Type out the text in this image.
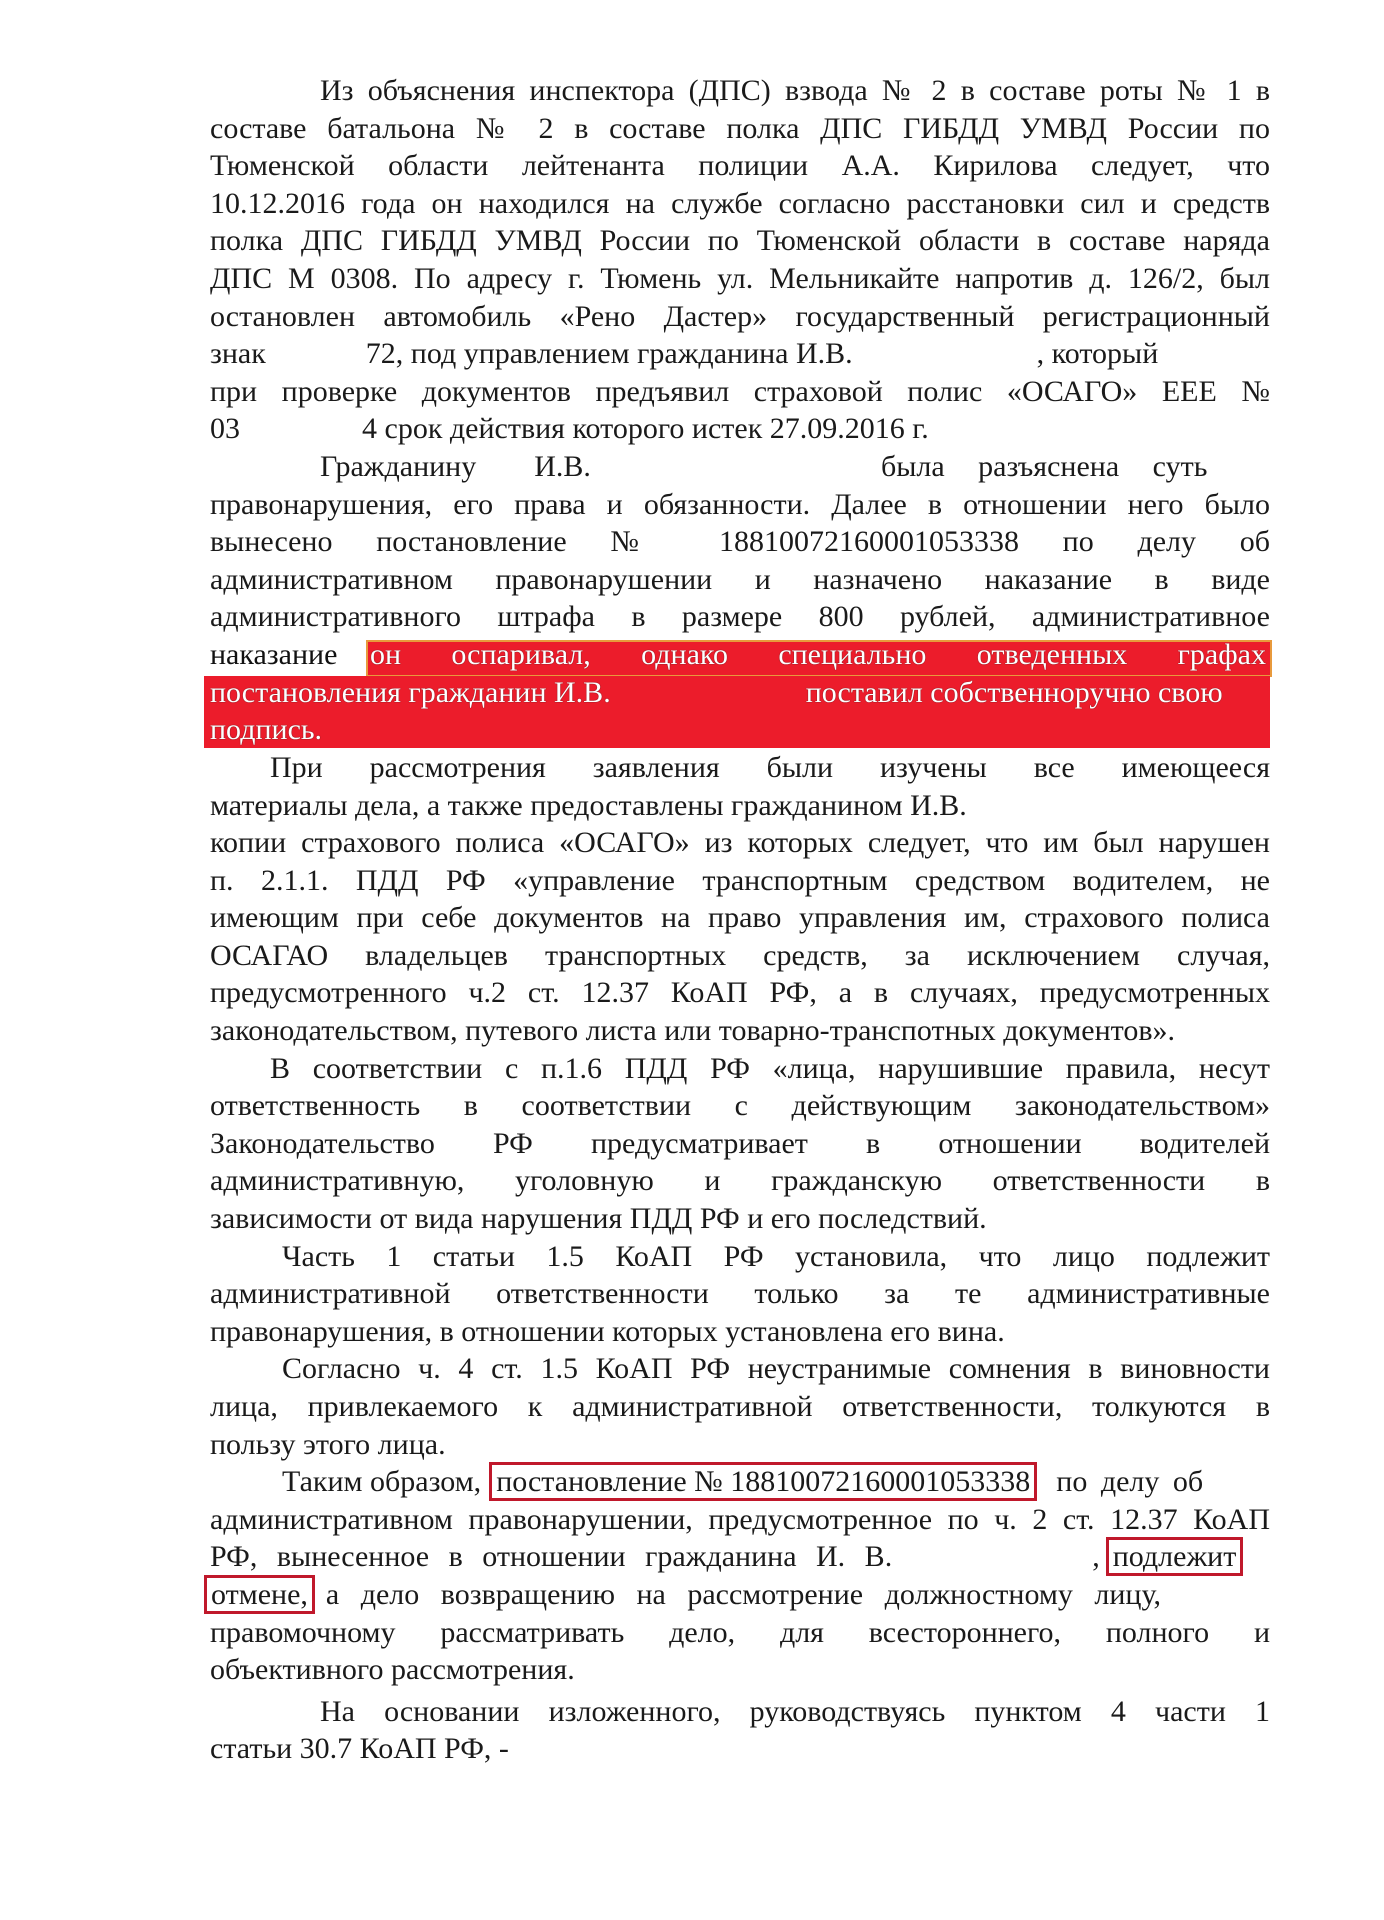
Из объяснения инспектора (ДПС) взвода № 2 в составе роты № 1 в
составе батальона № 2 в составе полка ДПС ГИБДД УМВД России по
Тюменской области лейтенанта полиции А.А. Кирилова следует, что
10.12.2016 года он находился на службе согласно расстановки сил и средств
полка ДПС ГИБДД УМВД России по Тюменской области в составе наряда
ДПС М 0308. По адресу г. Тюмень ул. Мельникайте напротив д. 126/2, был
остановлен автомобиль «Рено Дастер» государственный регистрационный
знак	72, под управлением гражданина И.В.	, который
при проверке документов предъявил страховой полис «ОСАГО» ЕЕЕ №
03	4 срок действия которого истек 27.09.2016 г.
Гражданину И.В.	была разъяснена суть
правонарушения, его права и обязанности. Далее в отношении него было
вынесено постановление № 18810072160001053338 по делу об
административном правонарушении и назначено наказание в виде
административного штрафа в размере 800 рублей, административное
наказание	он оспаривал, однако специально отведенных графах
постановления гражданин И.В.	поставил собственноручно свою
подпись.
При рассмотрения заявления были изучены все имеющееся
материалы дела, а также предоставлены гражданином И.В.
копии страхового полиса «ОСАГО» из которых следует, что им был нарушен
п. 2.1.1. ПДД РФ «управление транспортным средством водителем, не
имеющим при себе документов на право управления им, страхового полиса
ОСАГАО владельцев транспортных средств, за исключением случая,
предусмотренного ч.2 ст. 12.37 КоАП РФ, а в случаях, предусмотренных
законодательством, путевого листа или товарно-транспотных документов».
В соответствии с п.1.6 ПДД РФ «лица, нарушившие правила, несут
ответственность в соответствии с действующим законодательством»
Законодательство РФ предусматривает в отношении водителей
административную, уголовную и гражданскую ответственности в
зависимости от вида нарушения ПДД РФ и его последствий.
Часть 1 статьи 1.5 КоАП РФ установила, что лицо подлежит
административной ответственности только за те административные
правонарушения, в отношении которых установлена его вина.
Согласно ч. 4 ст. 1.5 КоАП РФ неустранимые сомнения в виновности
лица, привлекаемого к административной ответственности, толкуются в
пользу этого лица.
Таким образом, постановление № 18810072160001053338 по делу об
административном правонарушении, предусмотренное по ч. 2 ст. 12.37 КоАП
РФ, вынесенное в отношении гражданина И. В.	, подлежит
отмене, а дело возвращению на рассмотрение должностному лицу,
правомочному рассматривать дело, для всестороннего, полного и
объективного рассмотрения.
На основании изложенного, руководствуясь пунктом 4 части 1
статьи 30.7 КоАП РФ, -
